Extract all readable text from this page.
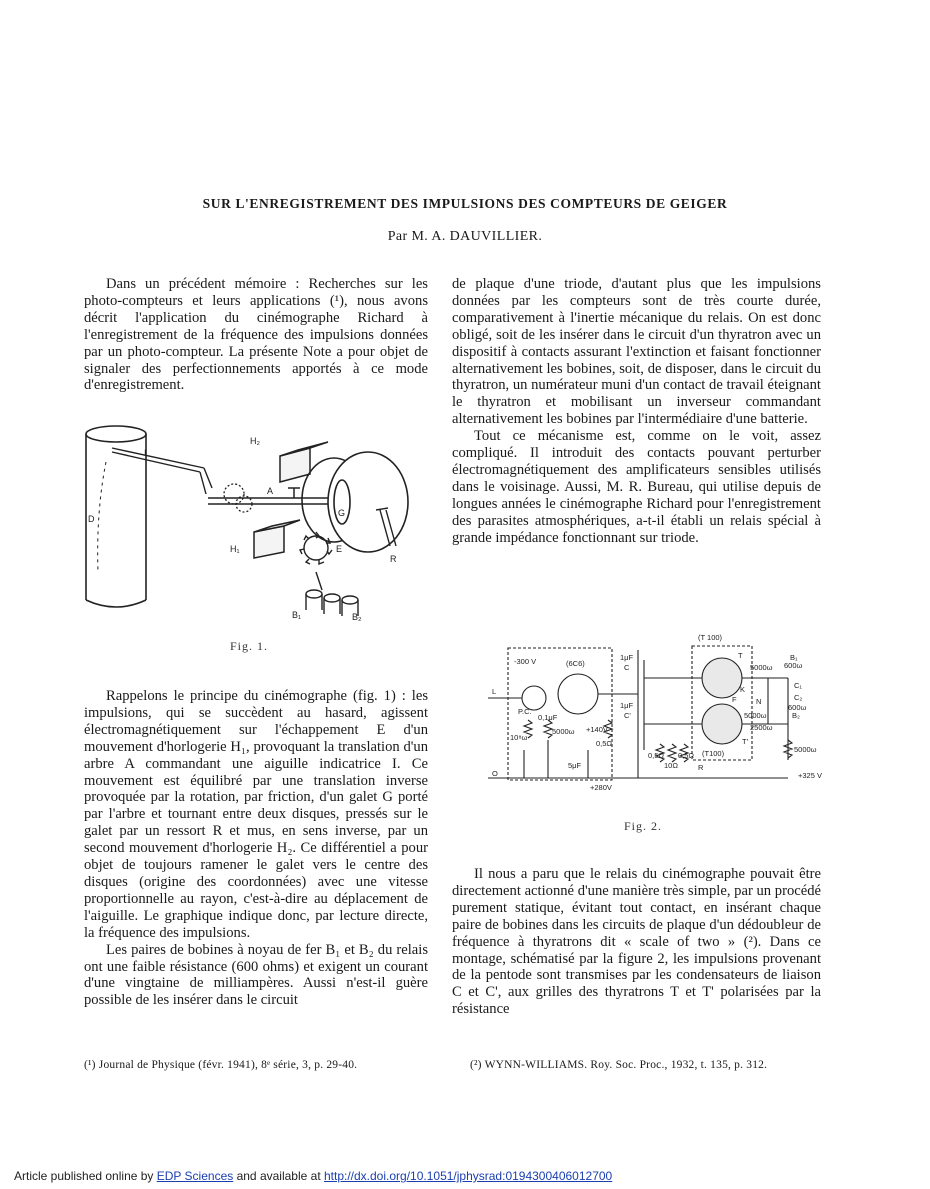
SUR L'ENREGISTREMENT DES IMPULSIONS DES COMPTEURS DE GEIGER
Par M. A. DAUVILLIER.

Dans un précédent mémoire : Recherches sur les photo-compteurs et leurs applications (¹), nous avons décrit l'application du cinémographe Richard à l'enregistrement de la fréquence des impulsions données par un photo-compteur. La présente Note a pour objet de signaler des perfectionnements apportés à ce mode d'enregistrement.

H₂
I
A
G
D
H₁	E
R
B₁	B₂
Fig. 1.

Rappelons le principe du cinémographe (fig. 1) : les impulsions, qui se succèdent au hasard, agissent électromagnétiquement sur l'échappement E d'un mouvement d'horlogerie H₁, provoquant la translation d'un arbre A commandant une aiguille indicatrice I. Ce mouvement est équilibré par une translation inverse provoquée par la rotation, par friction, d'un galet G porté par l'arbre et tournant entre deux disques, pressés sur le galet par un ressort R et mus, en sens inverse, par un second mouvement d'horlogerie H₂. Ce différentiel a pour objet de toujours ramener le galet vers le centre des disques (origine des coordonnées) avec une vitesse proportionnelle au rayon, c'est-à-dire au déplacement de l'aiguille. Le graphique indique donc, par lecture directe, la fréquence des impulsions.

Les paires de bobines à noyau de fer B₁ et B₂ du relais ont une faible résistance (600 ohms) et exigent un courant d'une vingtaine de milliampères. Aussi n'est-il guère possible de les insérer dans le circuit

de plaque d'une triode, d'autant plus que les impulsions données par les compteurs sont de très courte durée, comparativement à l'inertie mécanique du relais. On est donc obligé, soit de les insérer dans le circuit d'un thyratron avec un dispositif à contacts assurant l'extinction et faisant fonctionner alternativement les bobines, soit, de disposer, dans le circuit du thyratron, un numérateur muni d'un contact de travail éteignant le thyratron et mobilisant un inverseur commandant alternativement les bobines par l'intermédiaire d'une batterie.

Tout ce mécanisme est, comme on le voit, assez compliqué. Il introduit des contacts pouvant perturber électromagnétiquement des amplificateurs sensibles utilisés dans le voisinage. Aussi, M. R. Bureau, qui utilise depuis de longues années le cinémographe Richard pour l'enregistrement des parasites atmosphériques, a-t-il établi un relais spécial à grande impédance fonctionnant sur triode.

(T 100)
-300 V	(6C6)
T
T'
(T100)
5000ω 600ω
B₁
B₂
C₁
C₂
5000ω
600ω
2500ω
5000ω
+325 V
+280V
L
P.C.
O
R
N
K
F
C
C'
10⁸ω
5000ω
5μF
1μF
1μF
0,1μF
+140V
0,5Ω
0,5Ω
10Ω
0,5Ω
Fig. 2.

Il nous a paru que le relais du cinémographe pouvait être directement actionné d'une manière très simple, par un procédé purement statique, évitant tout contact, en insérant chaque paire de bobines dans les circuits de plaque d'un dédoubleur de fréquence à thyratrons dit « scale of two » (²). Dans ce montage, schématisé par la figure 2, les impulsions provenant de la pentode sont transmises par les condensateurs de liaison C et C', aux grilles des thyratrons T et T' polarisées par la résistance

(¹) Journal de Physique (févr. 1941), 8ᵉ série, 3, p. 29-40.	(²) WYNN-WILLIAMS. Roy. Soc. Proc., 1932, t. 135, p. 312.
Article published online by EDP Sciences and available at http://dx.doi.org/10.1051/jphysrad:0194300406012700
